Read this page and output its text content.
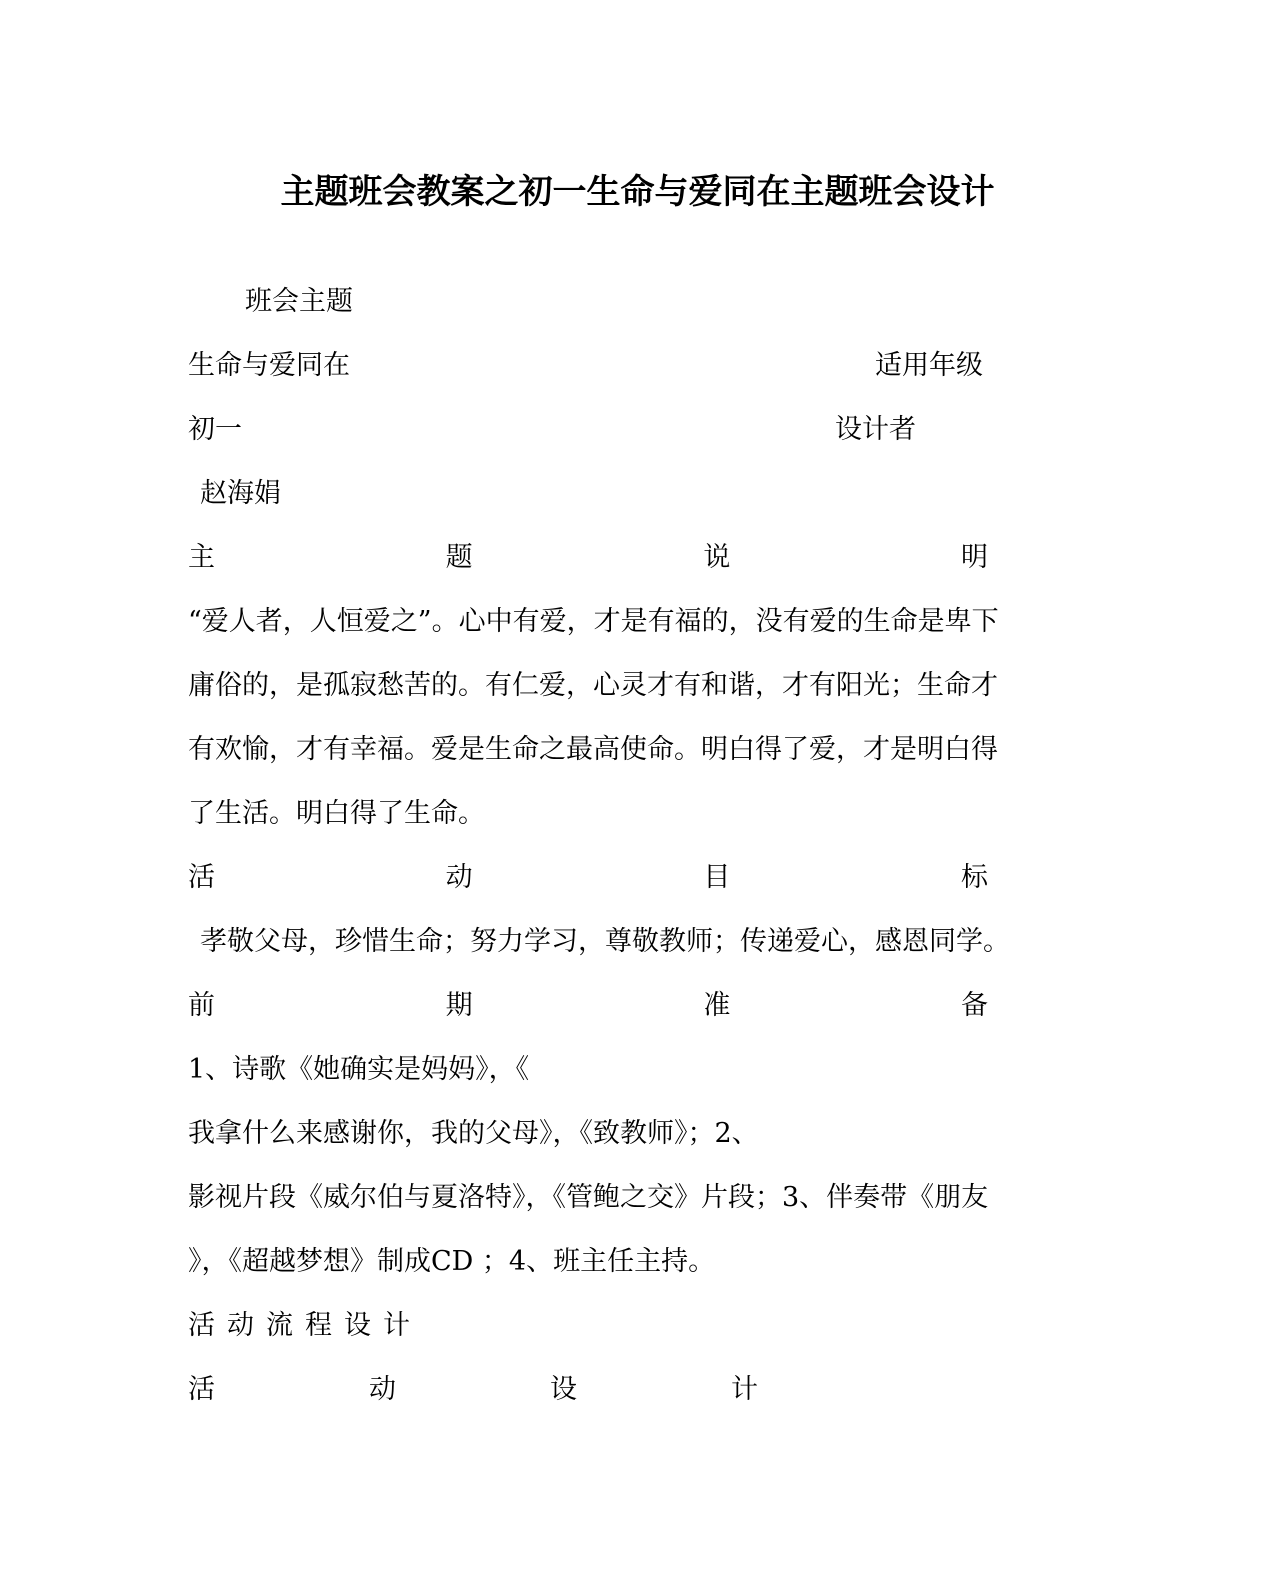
主题班会教案之初一生命与爱同在主题班会设计
班会主题
生命与爱同在	适用年级
初一	设计者
赵海娟
主	题	说	明
“爱人者，人恒爱之”。心中有爱，才是有福的，没有爱的生命是卑下
庸俗的，是孤寂愁苦的。有仁爱，心灵才有和谐，才有阳光；生命才
有欢愉，才有幸福。爱是生命之最高使命。明白得了爱，才是明白得
了生活。明白得了生命。
活	动	目	标
孝敬父母，珍惜生命；努力学习，尊敬教师；传递爱心，感恩同学。
前	期	准	备
1、诗歌《她确实是妈妈》，《
我拿什么来感谢你，我的父母》，《致教师》；2、
影视片段《威尔伯与夏洛特》，《管鲍之交》片段；3、伴奏带《朋友
》，《超越梦想》制成CD ；4、班主任主持。
活动流程设计
活	动	设	计
